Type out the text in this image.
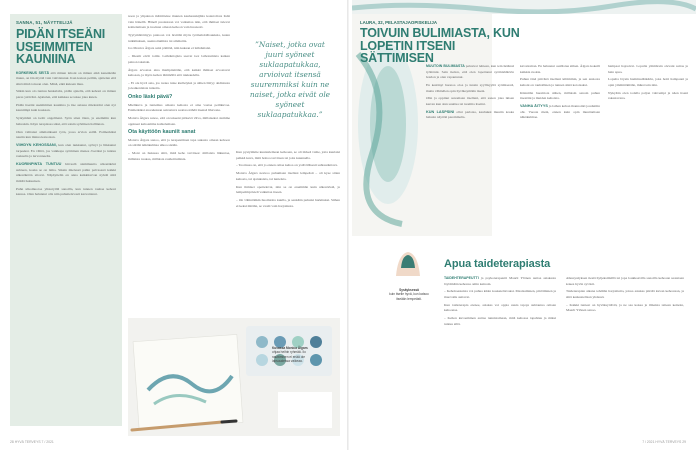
SANNA, 51, NÄYTTELIJÄ
PIDÄN ITSEÄNI USEIMMITEN KAUNIINA

KORKEINUS SEITÄ että minun lehoni on minun eikä kenenkään muun, on iän myötä vain vahvistunut. Kun katson peiliin, ajattelen että siinä minä toisaan olen. Minä, eikä kukaan muu.

Siikin kun olo tuntuu hankalalta, pidän ajatella, että kehoni on minun paras ystäväni. Ajattelen, että kaikkea se tekee joka kuten.

Pidän itseäni useimmiten kauniina ja itse asiassa mielestäni olen nyt kauniimpi kuin koskaan.

Syntymäni on isolit ongelmani. Syön siten täten, ja enemmin kun haluaisin. Käyn terapiassa siksi, että saisin syömisen hallinnan.

Olen valitsnut ammatikseni työn, jossa arvion esillä. Esimerkiksi nautin kun minua katsotaan.

VIIHDYN KEHOSSANI, kun olen nukkunut, syönyt ja liikkunut tarpeeksi. En välitä, jos vaikkapa syöminen menee överiksi ja tuntuu raskaalta ja turvonneelta.

KUORINPINTA TUNTUU hirvealä alemmuutta ulkonäköni suhteen, koska se on laiha. Siksin mielessä pahin palvasasti kaikki ulkonäköön sitovat. Näpäyttelin en anna kaikkitarvan nyhdä siitä mittää hakuaisen.

Puhn ulkomuotoa ylistetyillä sanoilla, kun tunnen rauhaa kehoni kanssa. Olen halunnut olla niin puhuttelevasti kasvattanut.

noon ja ylipainon määrittelee muuten kauhestekijäita katarrolista lisää vain hänellä. Hänell puolestaan voi vaikuttaa niin, että ihmiset tulevat kohtelemaan ja tuodaan omaan kehoon vain huonosti.

Tyytymättömyys painoon voi ärsittää myös työmahdollisuuksia, kuten tutkimuksen, asennoitumista tai ammattia.

Jos Monica Ålgars saisi päättää, niin kukaan ei laihduttaisi.

– Dieetit eivät toimi. Laihduttajista saavat isot laihotumista kaiken painon takaisin.

Ålgars arvostaa aina mielipiteitään, että kaikki ihmiset arvostavat kehoaan, ja myös kehon lämmöllä että rakkaudella.

– Ei ole hyvä asia, jos ruoka tulee kielletyksi ja siihen liittyy ahdistusta ja kaikenlaisia tunteita.

Onko läski pävä?

Mielikuva ja tuntemus omasta kehosta ei aina vastaa peilikuvaa. Esimerkiksi anoreksiaan sairastuva saattaa nähdä itsensä lihavana.

Monica Ålgars sanoo, että on tekeeni pääsevä viiva, millaiseksi olemme oppineet kehoamme kohtelemaan.

Ota käyttöön kauniit sanat

Monica Ålgars sanoo, että ja terapeuttinen tapa sukasta omaan kehoon on siirtää näkökulmaa ulkoa sisään.

– Moni on hukassa siitä, mitä keho tarvitsee: millaista liikuntaa, millaista ruokaa, millaista rauhoittumista.

”Naiset, jotka ovat juuri syöneet suklaapatukkaa, arvioivat itsensä suuremmiksi kuin ne naiset, jotka eivät ole syöneet suklaapatukkaa.”

Kun pystyimme kuuntelemaan kehoaan, se oli tärkeä vaihe, jotta kuulaisi pelkkä kuva, mitä hoitoa tarvitaan tai jotta kuunnella.

– Teoriassa on, että jo ennen omaa kehoa on ystävällisesti suhtauduttava.

Monica Ålgars neuvoo puhumaan itsellesi lempeästi – oli kyse sitten kehosta, tai ajatuksista, tai tunteista.

Kun ihmiset opettelevat, niin se on enemmän kuin ulkonäöstä, ja lempeämpi kieli vaikuttaa itseen.

– On vähintääkin huomioita kuulla, ja senkään puhuisi harkituksi. Siihen ei keksi mitään, se vaatii vain harjoitusta.

Kuvassa Monica Ålgars
ohjaa heihin ryhmää. Ilo nauttiminen ei enää ole lapsuudessa vaikeaa.
28 HYVÄ TERVEYS 7 / 2021
LAURA, 32, PELASTAJAOPISKELIJA
TOIVUIN BULIMIASTA, KUN LOPETIN ITSENI SÄTTIMISEN

MUUTOIN BULIMIASTA paluuvat lehteen, kun tein ikäänsä työhönni. Sain tiedon, että olen lopettanut syömishäiriön hoidon ja olen vapautunut.

En kestänyt huonoa oloa ja tunsin syyllisyyttä syömisestä, mutta vähitellen opin hyväksymään itseni.

Olin ja oppinut sanomaan itselleni, että sanon joka ikisen kerran kun alan suuttua tai tuomita itseäni.

KUN LASPSINI ollut paristaa, kauhuksi muutin koska halusin näyttää paremmalta.

kavattoman. En haluanut osallistua siihen. Ålgars kokeili kaikkia ruokia.

Puhun tänä päivänä itselleni kiltimmin, ja sen ansiosta kehoni on rauhallinen ja tunnen siinä kotoisaksi.

Kiinnitän huomiota siihen, millaisin sanoin puhun itsestäni ja muiden kehoista.

VANHA ÄITYYS ja laihan kehon ihannointi jouduttiin ohi. Vuosia meni, ennen kuin opin muuttamaan näkökulmaa.

hampaat hajosivat. Lopulta ymmärsin olevani sairas ja hain apua.

Lopulta löysin hammaslääkärin, joka hoiti hampaani ja opin ymmärtämään, miksi tein niin.

Nykyään olen todella paljon vahvempi ja näen itseni rakastavana.

Sysäyksessä
kuin itselle hyvä, kun katsoo itseään lempeästi.
Apua taideterapiasta

TAIDEHTERAPEUTTI ja psykoterapeutti Maarit Ylönen auttaa asiakasta löytämään kehonsa omin keinoin.

– Kehohaasteista voi puhua käsin kosketeltavaksi. Maalaaminen, piirtäminen ja muovailu auttavat.

Kun taideterapia etenee, asiakas voi oppia uusia tapoja suhtautua omaan kehoonsa.

– Kehon kuvaaminen auttaa tunnistamaan, mitä kehossa tapahtuu ja miksi tuntuu siltä.

Alkusysäyksen tiesiä hyljeksimällä tai jopa loukkaavilla sanoilla kehoaan saatetaan kokea hyvin syvästi.

Taideterapian aikana tehdään harjoitteita, joissa asiakas piirtää kuvan kehostaan, ja siitä keskustellaan yhdessä.

– Kaikki tunteet on hyväksyttäviä, ja ne saa kokea ja ilmaista taiteen keinoin, Maarit Ylönen sanoo.

7 / 2021 HYVÄ TERVEYS 29
